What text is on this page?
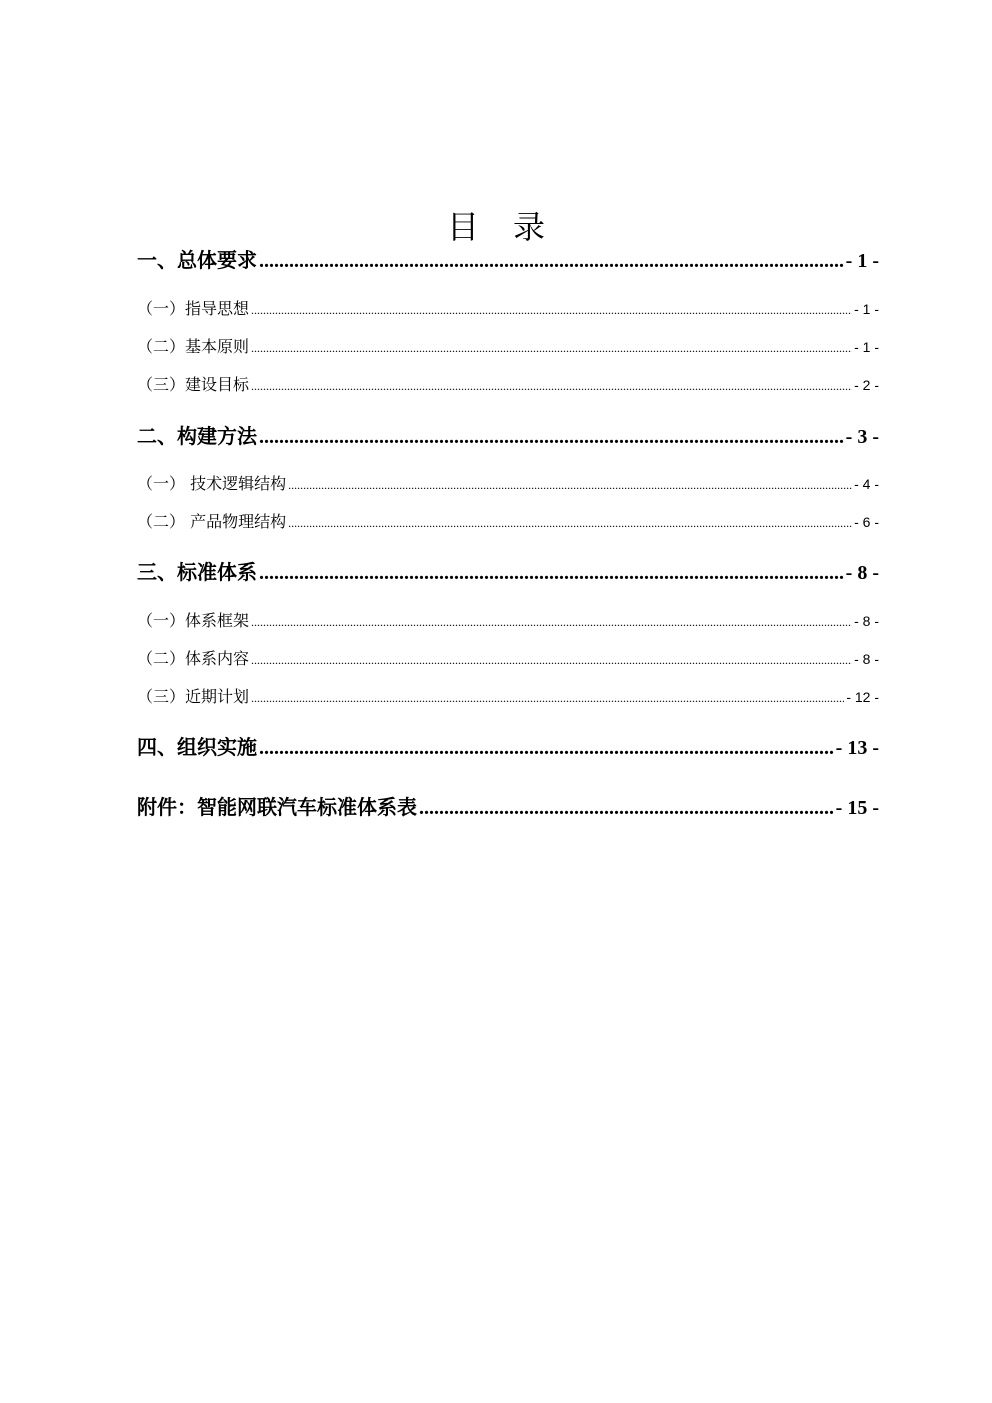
目 录
一、总体要求 .....	- 1 -
（一）指导思想 .....	- 1 -
（二）基本原则 .....	- 1 -
（三）建设目标 .....	- 2 -
二、构建方法 .....	- 3 -
（一） 技术逻辑结构 .....	- 4 -
（二） 产品物理结构 .....	- 6 -
三、标准体系 .....	- 8 -
（一）体系框架 .....	- 8 -
（二）体系内容 .....	- 8 -
（三）近期计划 .....	- 12 -
四、组织实施 .....	- 13 -
附件：智能网联汽车标准体系表 .....	- 15 -
